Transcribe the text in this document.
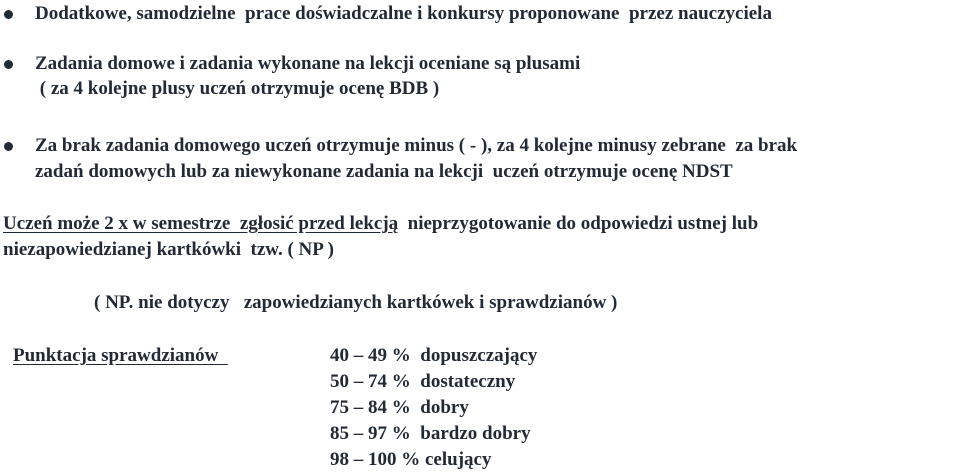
Dodatkowe, samodzielne  prace doświadczalne i konkursy proponowane  przez nauczyciela
Zadania domowe i zadania wykonane na lekcji oceniane są plusami
( za 4 kolejne plusy uczeń otrzymuje ocenę BDB )
Za brak zadania domowego uczeń otrzymuje minus ( - ), za 4 kolejne minusy zebrane  za brak
zadań domowych lub za niewykonane zadania na lekcji  uczeń otrzymuje ocenę NDST
Uczeń może 2 x w semestrze  zgłosić przed lekcją  nieprzygotowanie do odpowiedzi ustnej lub
niezapowiedzianej kartkówki  tzw. ( NP )
( NP. nie dotyczy   zapowiedzianych kartkówek i sprawdzianów )
Punktacja sprawdzianów	40 – 49 %  dopuszczający
50 – 74 %  dostateczny
75 – 84 %  dobry
85 – 97 %  bardzo dobry
98 – 100 % celujący
